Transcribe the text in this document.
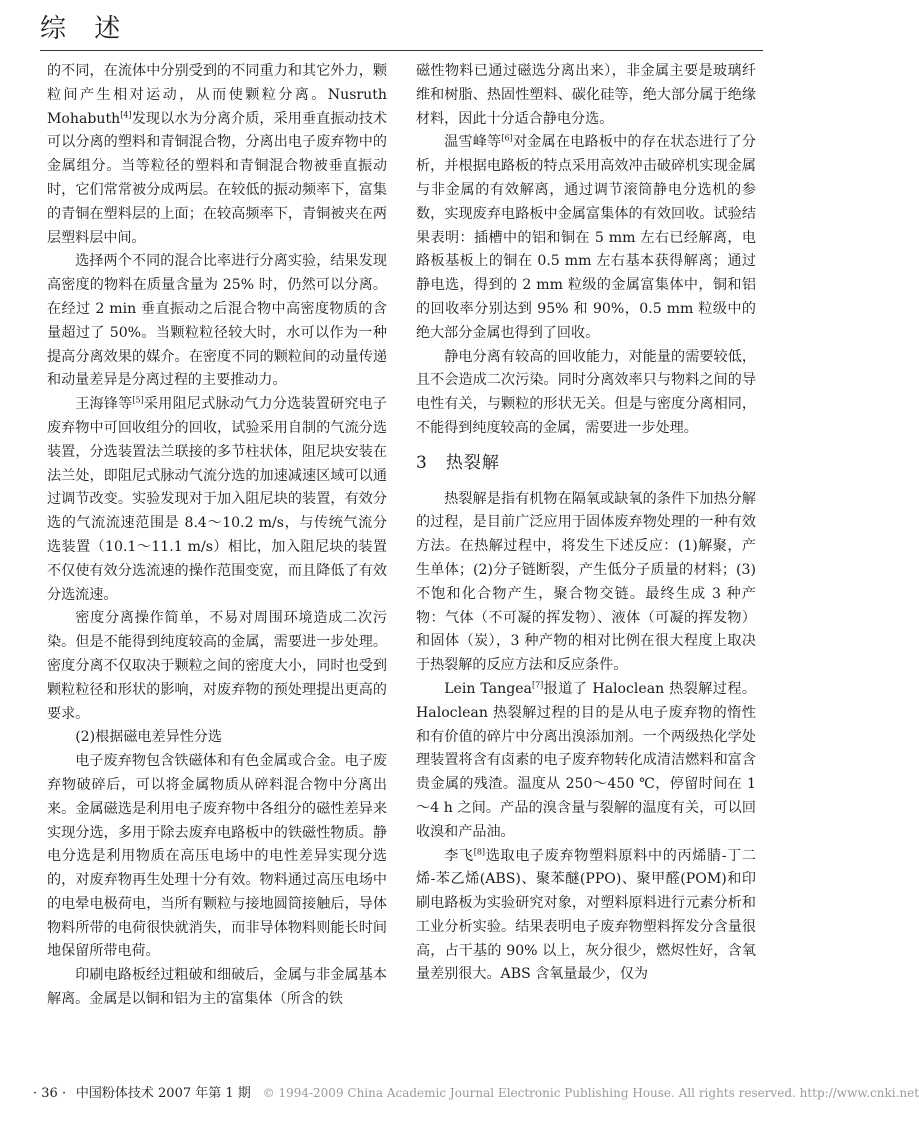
综 述

的不同，在流体中分别受到的不同重力和其它外力，颗粒间产生相对运动，从而使颗粒分离。Nusruth Mohabuth[4]发现以水为分离介质，采用垂直振动技术可以分离的塑料和青铜混合物，分离出电子废弃物中的金属组分。当等粒径的塑料和青铜混合物被垂直振动时，它们常常被分成两层。在较低的振动频率下，富集的青铜在塑料层的上面；在较高频率下，青铜被夹在两层塑料层中间。

选择两个不同的混合比率进行分离实验，结果发现高密度的物料在质量含量为 25% 时，仍然可以分离。在经过 2 min 垂直振动之后混合物中高密度物质的含量超过了 50%。当颗粒粒径较大时，水可以作为一种提高分离效果的媒介。在密度不同的颗粒间的动量传递和动量差异是分离过程的主要推动力。

王海锋等[5]采用阻尼式脉动气力分选装置研究电子废弃物中可回收组分的回收，试验采用自制的气流分选装置，分选装置法兰联接的多节柱状体，阻尼块安装在法兰处，即阻尼式脉动气流分选的加速减速区域可以通过调节改变。实验发现对于加入阻尼块的装置，有效分选的气流流速范围是 8.4～10.2 m/s，与传统气流分选装置（10.1～11.1 m/s）相比，加入阻尼块的装置不仅使有效分选流速的操作范围变宽，而且降低了有效分选流速。

密度分离操作简单，不易对周围环境造成二次污染。但是不能得到纯度较高的金属，需要进一步处理。密度分离不仅取决于颗粒之间的密度大小，同时也受到颗粒粒径和形状的影响，对废弃物的预处理提出更高的要求。

(2)根据磁电差异性分选

电子废弃物包含铁磁体和有色金属或合金。电子废弃物破碎后，可以将金属物质从碎料混合物中分离出来。金属磁选是利用电子废弃物中各组分的磁性差异来实现分选，多用于除去废弃电路板中的铁磁性物质。静电分选是利用物质在高压电场中的电性差异实现分选的，对废弃物再生处理十分有效。物料通过高压电场中的电晕电极荷电，当所有颗粒与接地圆筒接触后，导体物料所带的电荷很快就消失，而非导体物料则能长时间地保留所带电荷。

印刷电路板经过粗破和细破后，金属与非金属基本解离。金属是以铜和铝为主的富集体（所含的铁

磁性物料已通过磁选分离出来），非金属主要是玻璃纤维和树脂、热固性塑料、碳化硅等，绝大部分属于绝缘材料，因此十分适合静电分选。

温雪峰等[6]对金属在电路板中的存在状态进行了分析，并根据电路板的特点采用高效冲击破碎机实现金属与非金属的有效解离，通过调节滚筒静电分选机的参数，实现废弃电路板中金属富集体的有效回收。试验结果表明：插槽中的铝和铜在 5 mm 左右已经解离，电路板基板上的铜在 0.5 mm 左右基本获得解离；通过静电选，得到的 2 mm 粒级的金属富集体中，铜和铝的回收率分别达到 95% 和 90%，0.5 mm 粒级中的绝大部分金属也得到了回收。

静电分离有较高的回收能力，对能量的需要较低，且不会造成二次污染。同时分离效率只与物料之间的导电性有关，与颗粒的形状无关。但是与密度分离相同，不能得到纯度较高的金属，需要进一步处理。

3 热裂解

热裂解是指有机物在隔氧或缺氧的条件下加热分解的过程，是目前广泛应用于固体废弃物处理的一种有效方法。在热解过程中，将发生下述反应：(1)解聚，产生单体；(2)分子链断裂，产生低分子质量的材料；(3)不饱和化合物产生，聚合物交链。最终生成 3 种产物：气体（不可凝的挥发物）、液体（可凝的挥发物）和固体（炭），3 种产物的相对比例在很大程度上取决于热裂解的反应方法和反应条件。

Lein Tangea[7]报道了 Haloclean 热裂解过程。Haloclean 热裂解过程的目的是从电子废弃物的惰性和有价值的碎片中分离出溴添加剂。一个两级热化学处理装置将含有卤素的电子废弃物转化成清洁燃料和富含贵金属的残渣。温度从 250～450 ℃，停留时间在 1～4 h 之间。产品的溴含量与裂解的温度有关，可以回收溴和产品油。

李飞[8]选取电子废弃物塑料原料中的丙烯腈-丁二烯-苯乙烯(ABS)、聚苯醚(PPO)、聚甲醛(POM)和印刷电路板为实验研究对象，对塑料原料进行元素分析和工业分析实验。结果表明电子废弃物塑料挥发分含量很高，占干基的 90% 以上，灰分很少，燃烬性好，含氧量差别很大。ABS 含氧量最少，仅为

· 36 · 中国粉体技术 2007 年第 1 期 © 1994-2009 China Academic Journal Electronic Publishing House. All rights reserved. http://www.cnki.net
